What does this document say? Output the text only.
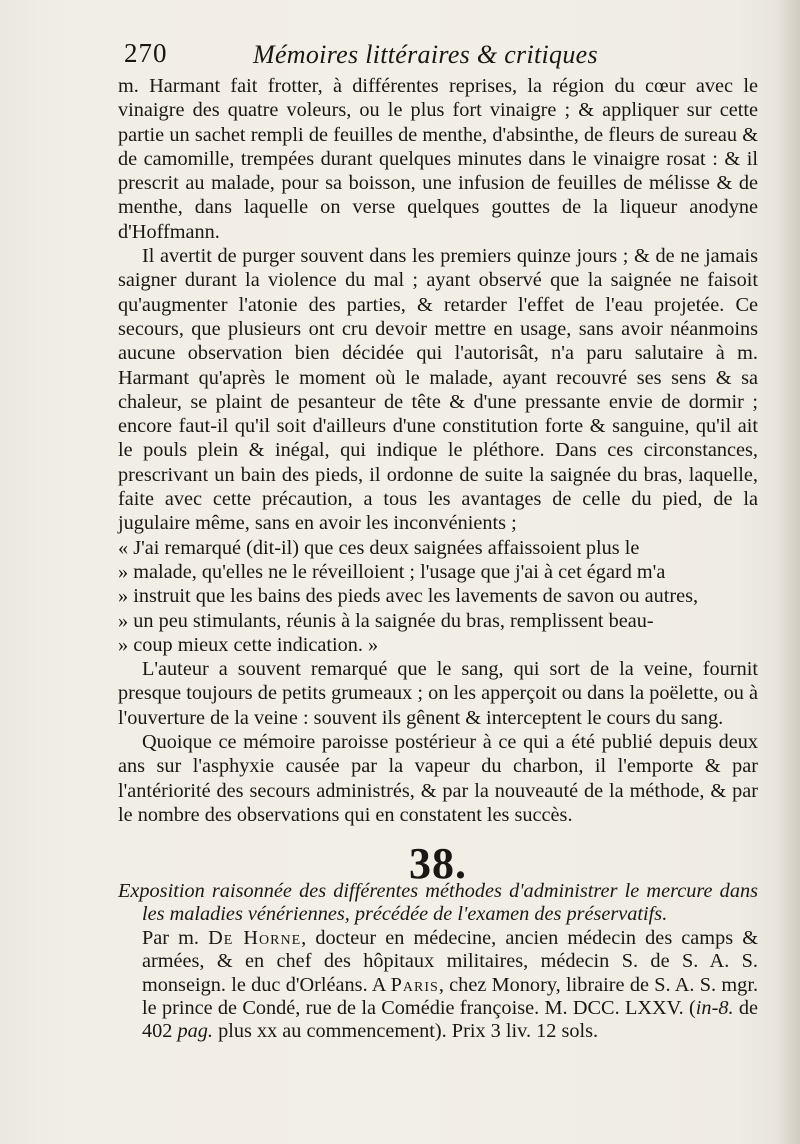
270	Mémoires littéraires & critiques

m. Harmant fait frotter, à différentes reprises, la région du cœur avec le vinaigre des quatre voleurs, ou le plus fort vinaigre ; & appliquer sur cette partie un sachet rempli de feuilles de menthe, d'absinthe, de fleurs de sureau & de camomille, trempées durant quelques minutes dans le vinaigre rosat : & il prescrit au malade, pour sa boisson, une infusion de feuilles de mélisse & de menthe, dans laquelle on verse quelques gouttes de la liqueur anodyne d'Hoffmann.

Il avertit de purger souvent dans les premiers quinze jours ; & de ne jamais saigner durant la violence du mal ; ayant observé que la saignée ne faisoit qu'augmenter l'atonie des parties, & retarder l'effet de l'eau projetée. Ce secours, que plusieurs ont cru devoir mettre en usage, sans avoir néanmoins aucune observation bien décidée qui l'autorisât, n'a paru salutaire à m. Harmant qu'après le moment où le malade, ayant recouvré ses sens & sa chaleur, se plaint de pesanteur de tête & d'une pressante envie de dormir ; encore faut-il qu'il soit d'ailleurs d'une constitution forte & sanguine, qu'il ait le pouls plein & inégal, qui indique le pléthore. Dans ces circonstances, prescrivant un bain des pieds, il ordonne de suite la saignée du bras, laquelle, faite avec cette précaution, a tous les avantages de celle du pied, de la jugulaire même, sans en avoir les inconvénients ;

« J'ai remarqué (dit-il) que ces deux saignées affaissoient plus le

» malade, qu'elles ne le réveilloient ; l'usage que j'ai à cet égard m'a

» instruit que les bains des pieds avec les lavements de savon ou autres,

» un peu stimulants, réunis à la saignée du bras, remplissent beau-

» coup mieux cette indication. »

L'auteur a souvent remarqué que le sang, qui sort de la veine, fournit presque toujours de petits grumeaux ; on les apperçoit ou dans la poëlette, ou à l'ouverture de la veine : souvent ils gênent & interceptent le cours du sang.

Quoique ce mémoire paroisse postérieur à ce qui a été publié depuis deux ans sur l'asphyxie causée par la vapeur du charbon, il l'emporte & par l'antériorité des secours administrés, & par la nouveauté de la méthode, & par le nombre des observations qui en constatent les succès.

38.

Exposition raisonnée des différentes méthodes d'administrer le mercure dans les maladies vénériennes, précédée de l'examen des préservatifs.

Par m. De Horne, docteur en médecine, ancien médecin des camps & armées, & en chef des hôpitaux militaires, médecin S. de S. A. S. monseign. le duc d'Orléans. A Paris, chez Monory, libraire de S. A. S. mgr. le prince de Condé, rue de la Comédie françoise. M. DCC. LXXV. (in-8. de 402 pag. plus xx au commencement). Prix 3 liv. 12 sols.
